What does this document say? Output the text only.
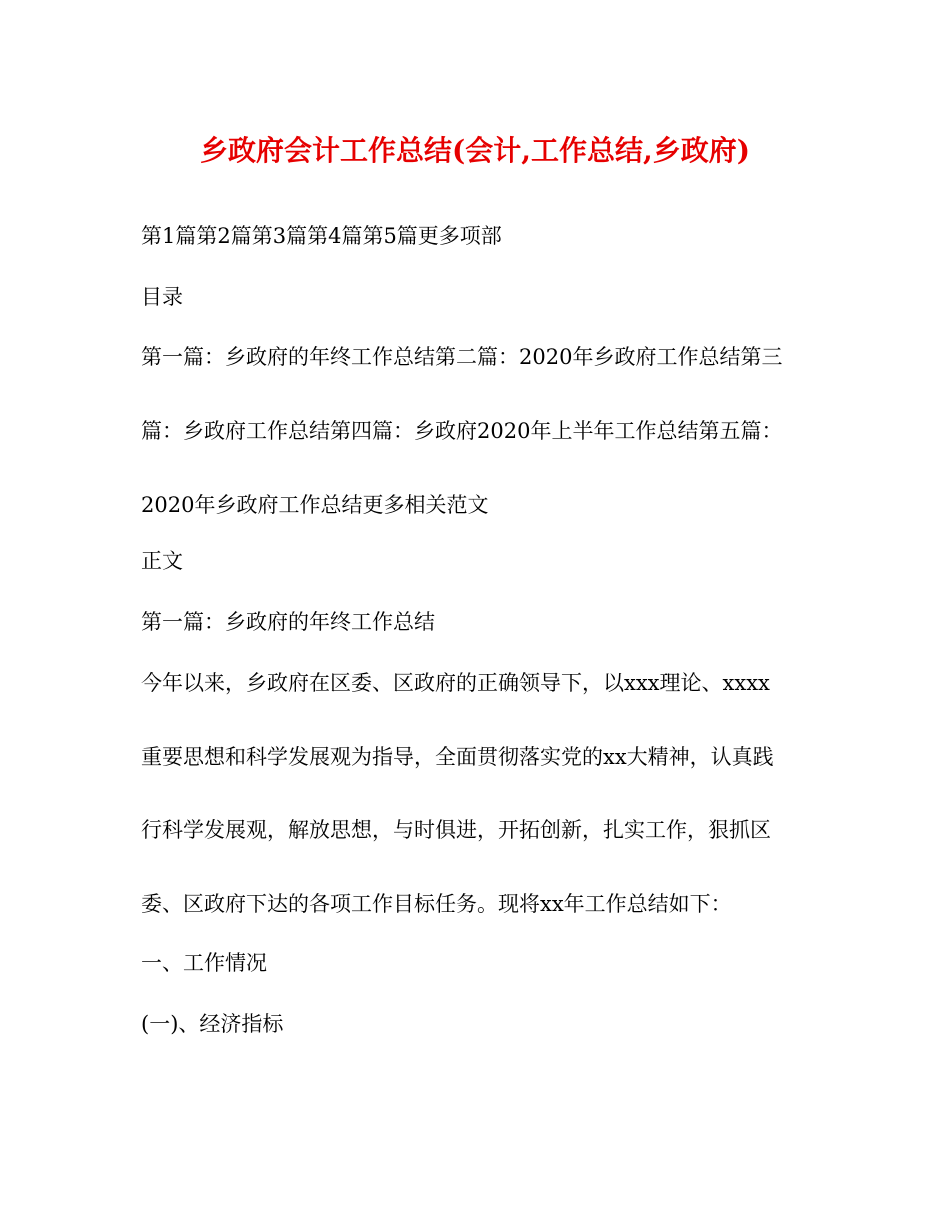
乡政府会计工作总结(会计,工作总结,乡政府)
第1篇第2篇第3篇第4篇第5篇更多项部
目录
第一篇：乡政府的年终工作总结第二篇：2020年乡政府工作总结第三
篇：乡政府工作总结第四篇：乡政府2020年上半年工作总结第五篇：
2020年乡政府工作总结更多相关范文
正文
第一篇：乡政府的年终工作总结
今年以来，乡政府在区委、区政府的正确领导下，以xxx理论、xxxx
重要思想和科学发展观为指导，全面贯彻落实党的xx大精神，认真践
行科学发展观，解放思想，与时俱进，开拓创新，扎实工作，狠抓区
委、区政府下达的各项工作目标任务。现将xx年工作总结如下：
一、工作情况
(一)、经济指标
